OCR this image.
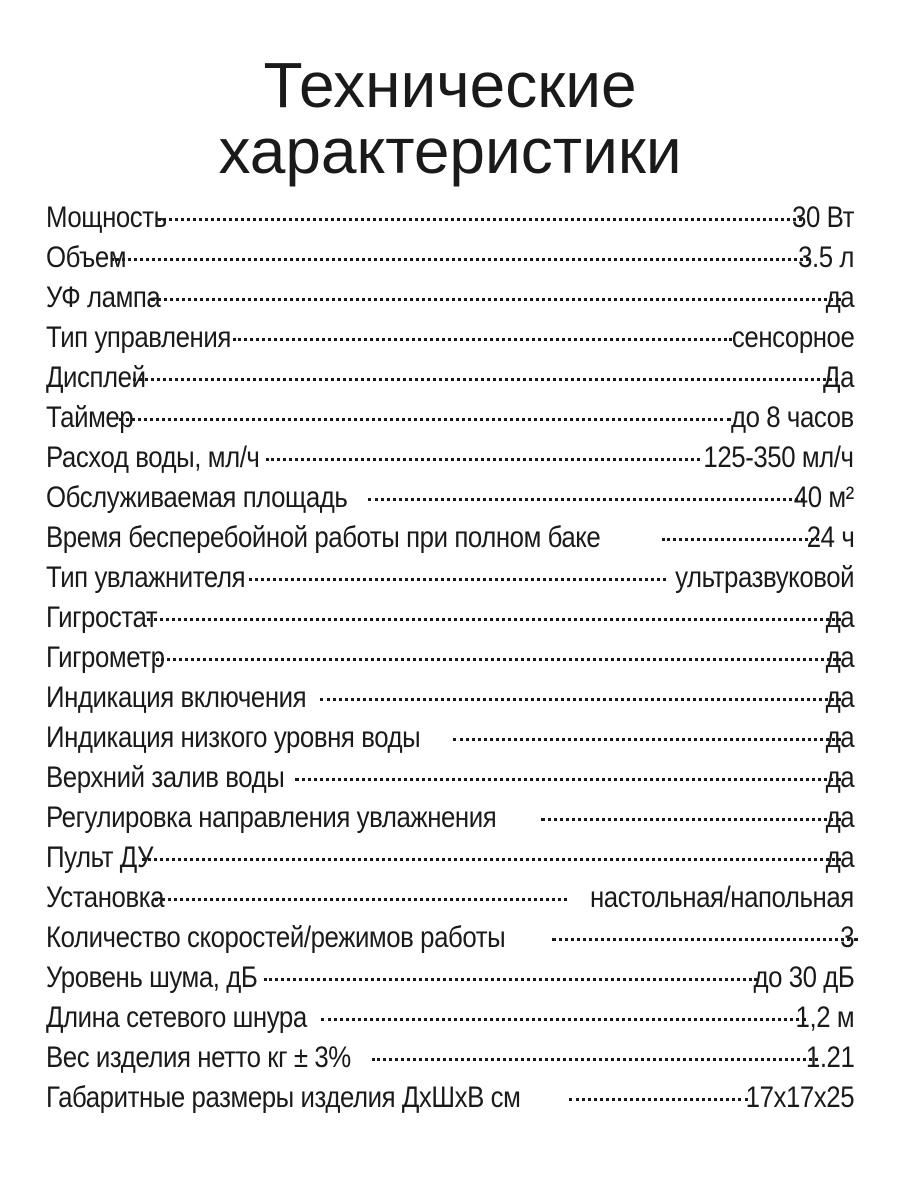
Технические
характеристики
Мощность	30 Вт
Объем	3.5 л
УФ лампа	да
Тип управления	сенсорное
Дисплей	Да
Таймер	до 8 часов
Расход воды, мл/ч	125-350 мл/ч
Обслуживаемая площадь	40 м²
Время бесперебойной работы при полном баке	24 ч
Тип увлажнителя	ультразвуковой
Гигростат	да
Гигрометр	да
Индикация включения	да
Индикация низкого уровня воды	да
Верхний залив воды	да
Регулировка направления увлажнения	да
Пульт ДУ	да
Установка	настольная/напольная
Количество скоростей/режимов работы	3
Уровень шума, дБ	до 30 дБ
Длина сетевого шнура	1,2 м
Вес изделия нетто кг ± 3%	1.21
Габаритные размеры изделия ДхШхВ см	17x17x25
